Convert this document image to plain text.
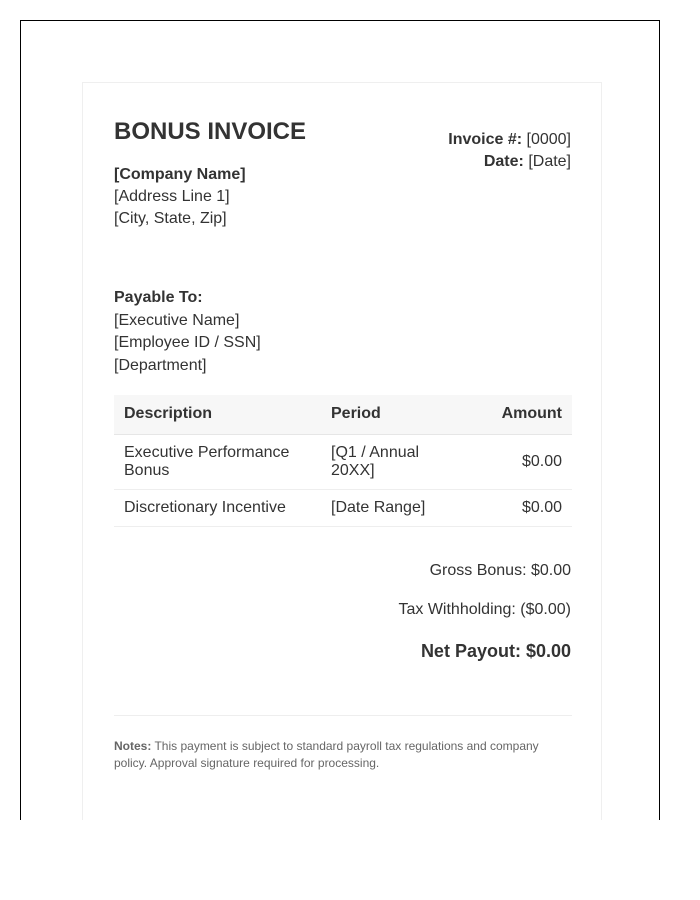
BONUS INVOICE
[Company Name]
[Address Line 1]
[City, State, Zip]
Invoice #: [0000]
Date: [Date]
Payable To:
[Executive Name]
[Employee ID / SSN]
[Department]
Description	Period	Amount
Executive Performance Bonus	[Q1 / Annual 20XX]	$0.00
Discretionary Incentive	[Date Range]	$0.00
Gross Bonus: $0.00
Tax Withholding: ($0.00)
Net Payout: $0.00
Notes: This payment is subject to standard payroll tax regulations and company policy. Approval signature required for processing.
